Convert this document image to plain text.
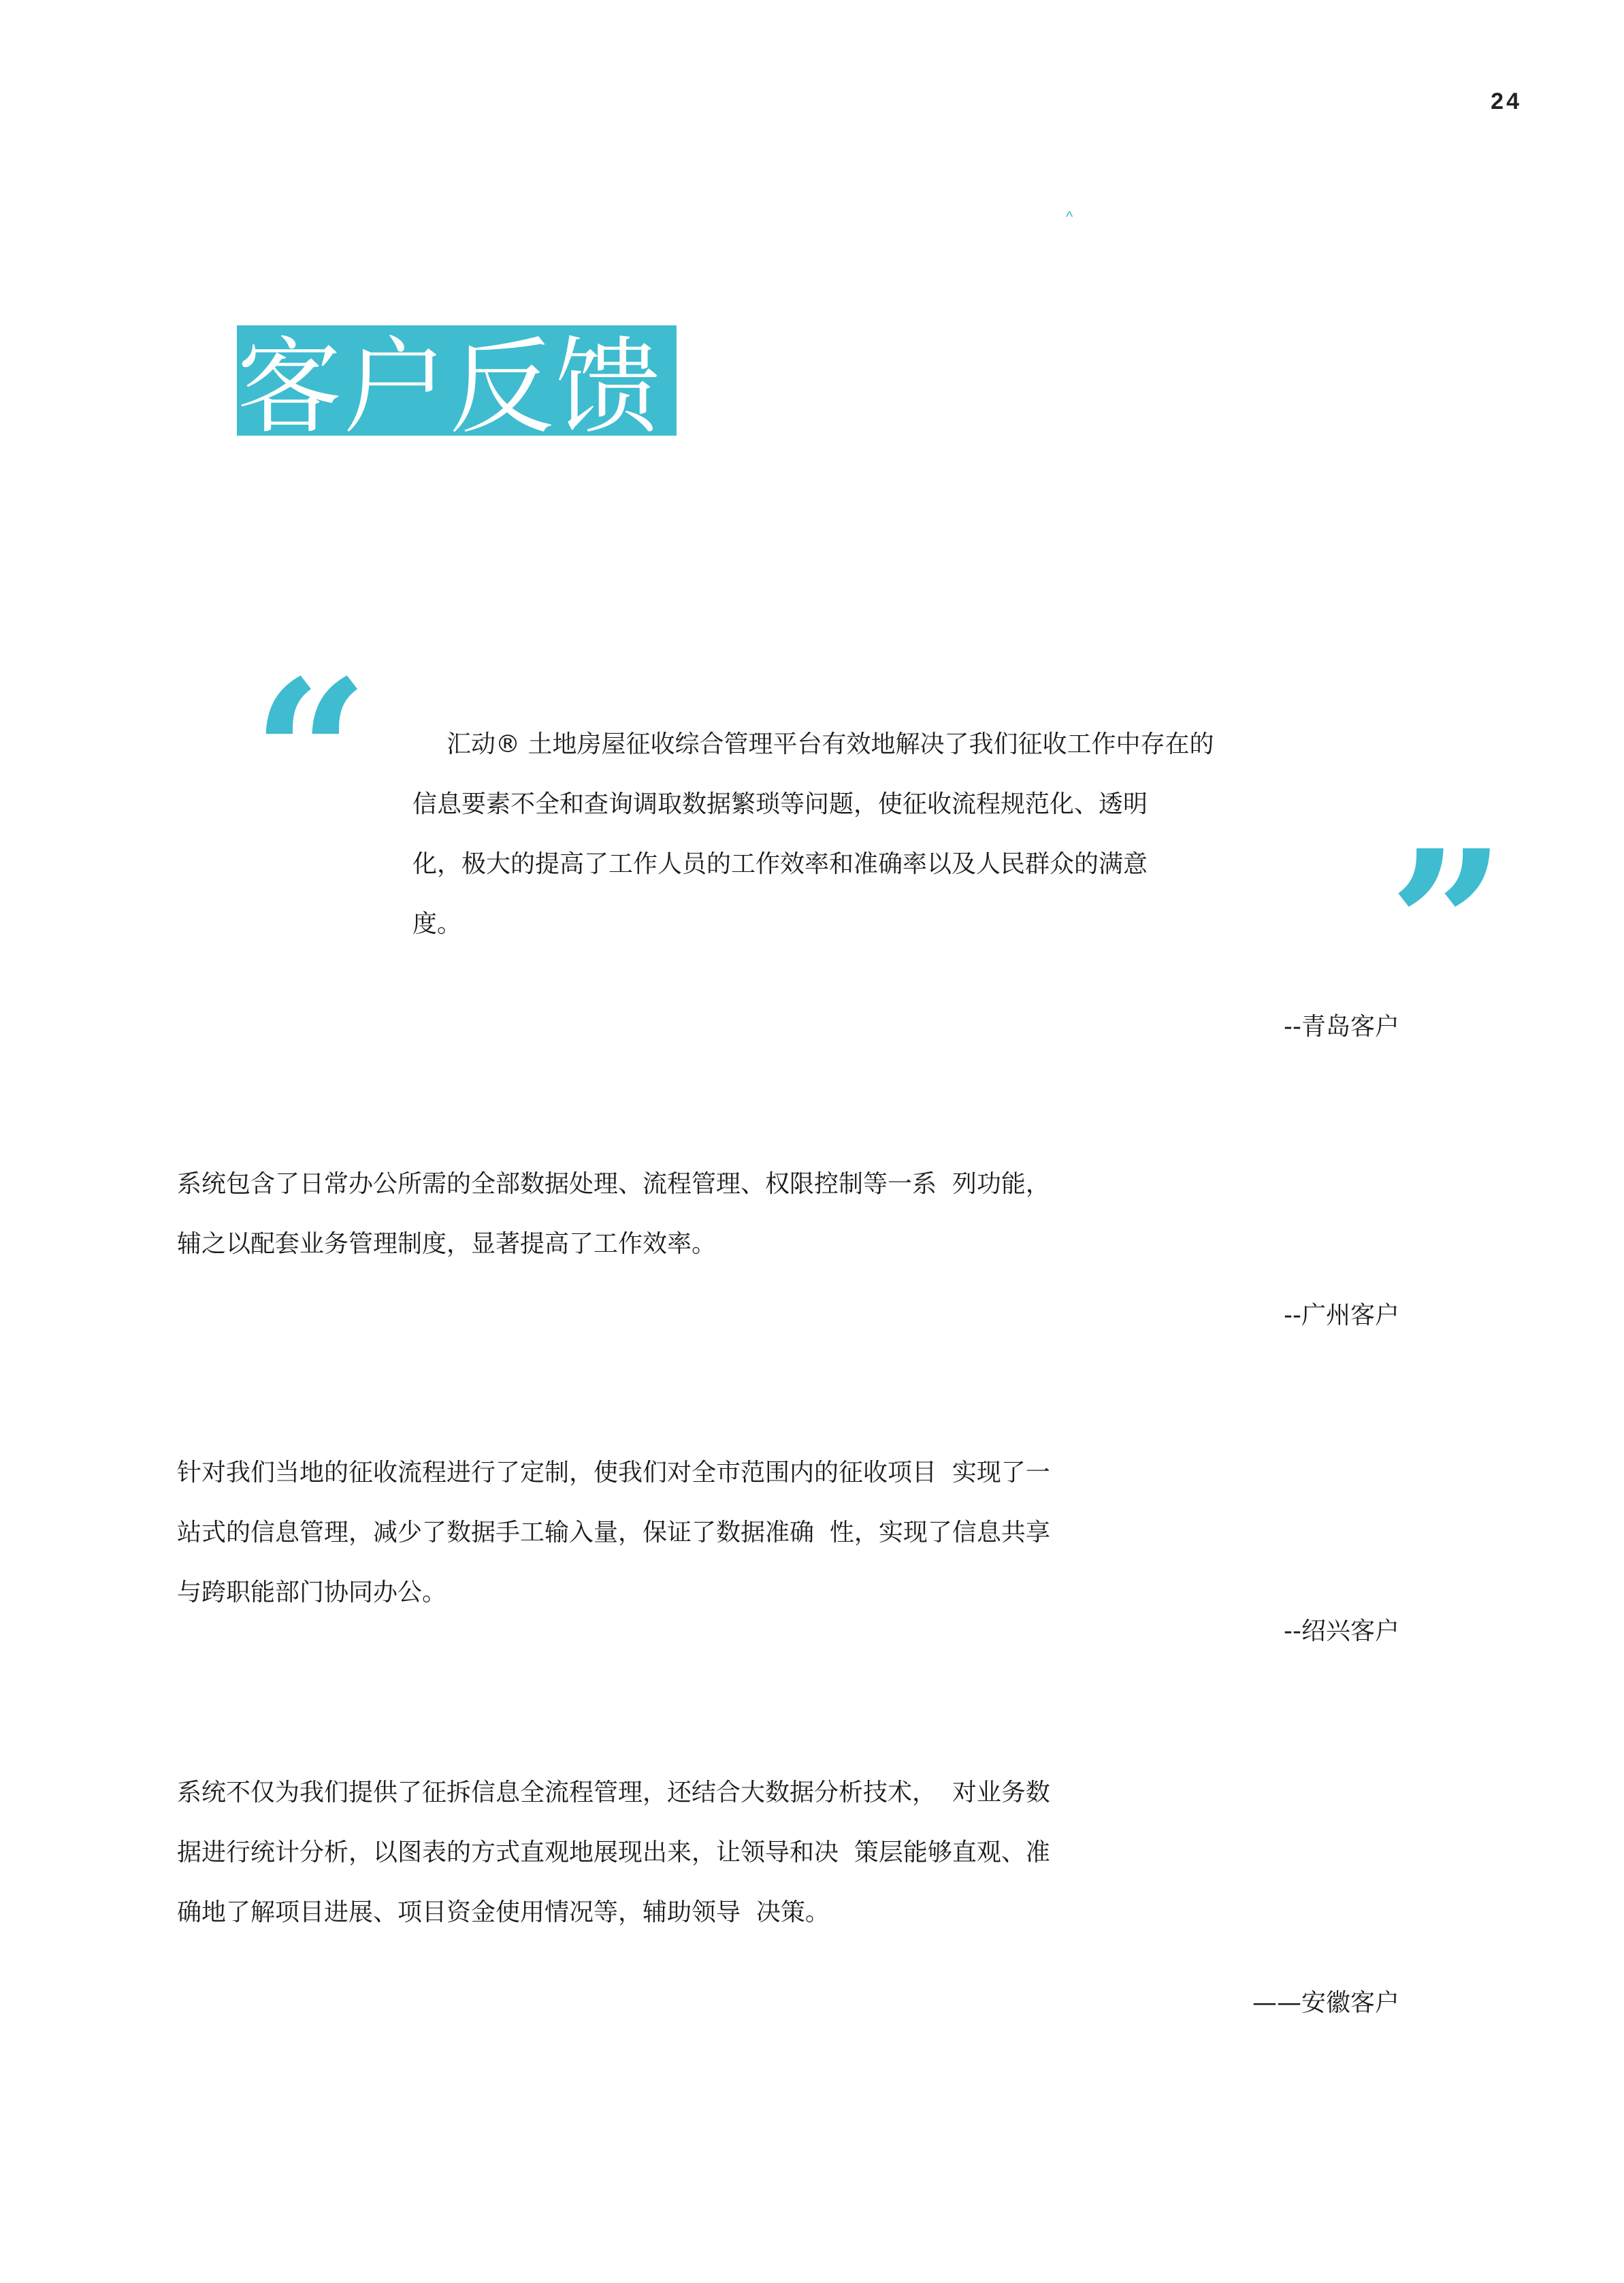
24
^
客户反馈
“
”
汇动® 土地房屋征收综合管理平台有效地解决了我们征收工作中存在的
信息要素不全和查询调取数据繁琐等问题，使征收流程规范化、透明
化，极大的提高了工作人员的工作效率和准确率以及人民群众的满意
度。
--青岛客户
系统包含了日常办公所需的全部数据处理、流程管理、权限控制等一系  列功能，
辅之以配套业务管理制度，显著提高了工作效率。
--广州客户
针对我们当地的征收流程进行了定制，使我们对全市范围内的征收项目  实现了一
站式的信息管理，减少了数据手工输入量，保证了数据准确  性，实现了信息共享
与跨职能部门协同办公。
--绍兴客户
系统不仅为我们提供了征拆信息全流程管理，还结合大数据分析技术，  对业务数
据进行统计分析，以图表的方式直观地展现出来，让领导和决  策层能够直观、准
确地了解项目进展、项目资金使用情况等，辅助领导  决策。
——安徽客户
